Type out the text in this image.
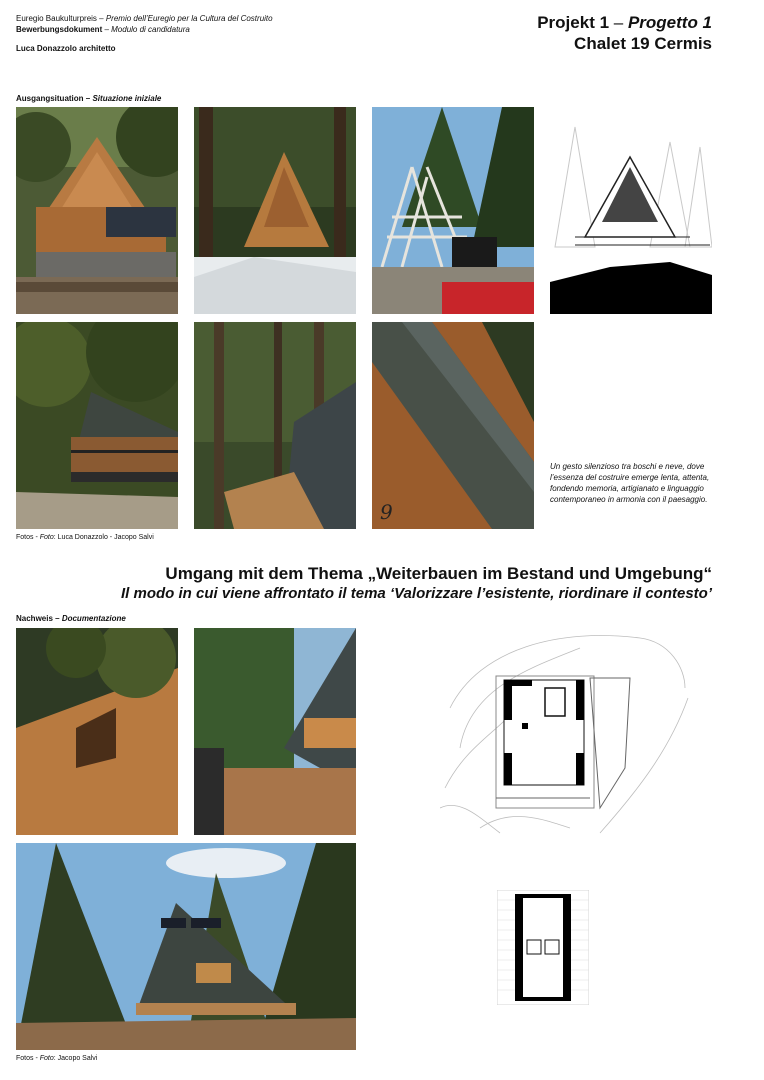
Euregio Baukulturpreis – Premio dell’Euregio per la Cultura del Costruito
Bewerbungsdokument – Modulo di candidatura
Luca Donazzolo architetto
Projekt 1 – Progetto 1
Chalet 19 Cermis
Ausgangsituation – Situazione iniziale
9
Un gesto silenzioso tra boschi e neve, dove l’essenza del costruire emerge lenta, attenta, fondendo memoria, artigianato e linguaggio contemporaneo in armonia con il paesaggio.
Fotos - Foto: Luca Donazzolo - Jacopo Salvi
Umgang mit dem Thema „Weiterbauen im Bestand und Umgebung“
Il modo in cui viene affrontato il tema ‘Valorizzare l’esistente, riordinare il contesto’
Nachweis – Documentazione
Fotos - Foto: Jacopo Salvi
